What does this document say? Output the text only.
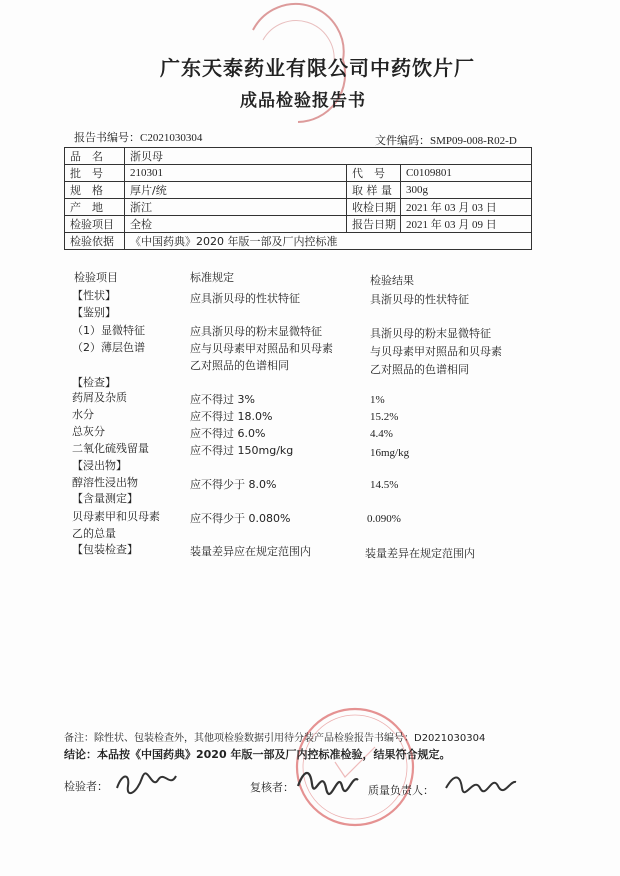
广东天泰药业有限公司中药饮片厂
成品检验报告书
报告书编号：C2021030304	文件编码：SMP09-008-R02-D
品　名	浙贝母		
批　号	210301	代　号	C0109801
规　格	厚片/统	取 样 量	300g
产　地	浙江	收检日期	2021 年 03 月 03 日
检验项目	全检	报告日期	2021 年 03 月 09 日
检验依据	《中国药典》2020 年版一部及厂内控标准		
检验项目	标准规定	检验结果
【性状】	应具浙贝母的性状特征	具浙贝母的性状特征
【鉴别】
（1）显微特征	应具浙贝母的粉末显微特征	具浙贝母的粉末显微特征
（2）薄层色谱	应与贝母素甲对照品和贝母素	与贝母素甲对照品和贝母素
乙对照品的色谱相同	乙对照品的色谱相同
【检查】
药屑及杂质	应不得过 3%	1%
水分	应不得过 18.0%	15.2%
总灰分	应不得过 6.0%	4.4%
二氧化硫残留量	应不得过 150mg/kg	16mg/kg
【浸出物】
醇溶性浸出物	应不得少于 8.0%	14.5%
【含量测定】
贝母素甲和贝母素	应不得少于 0.080%	0.090%
乙的总量
【包装检查】	装量差异应在规定范围内	装量差异在规定范围内
备注：除性状、包装检查外，其他项检验数据引用待分装产品检验报告书编号：D2021030304
结论：本品按《中国药典》2020 年版一部及厂内控标准检验，结果符合规定。
检验者：	复核者：	质量负责人：
